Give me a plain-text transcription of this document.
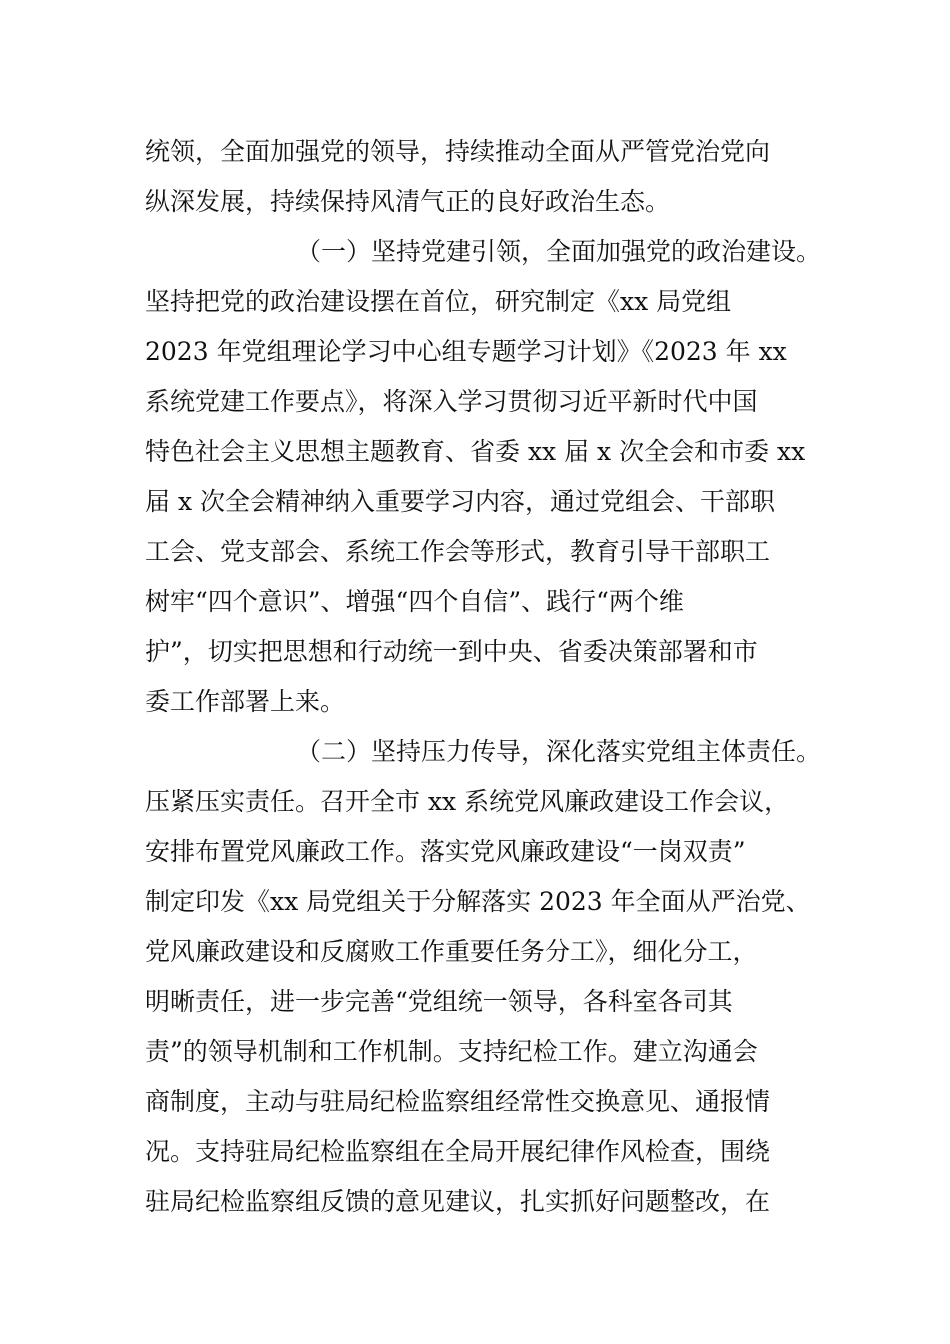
统领，全面加强党的领导，持续推动全面从严管党治党向
纵深发展，持续保持风清气正的良好政治生态。
（一）坚持党建引领，全面加强党的政治建设。
坚持把党的政治建设摆在首位，研究制定《xx 局党组
2023 年党组理论学习中心组专题学习计划》《2023 年 xx
系统党建工作要点》，将深入学习贯彻习近平新时代中国
特色社会主义思想主题教育、省委 xx 届 x 次全会和市委 xx
届 x 次全会精神纳入重要学习内容，通过党组会、干部职
工会、党支部会、系统工作会等形式，教育引导干部职工
树牢“四个意识”、增强“四个自信”、践行“两个维
护”，切实把思想和行动统一到中央、省委决策部署和市
委工作部署上来。
（二）坚持压力传导，深化落实党组主体责任。
压紧压实责任。召开全市 xx 系统党风廉政建设工作会议，
安排布置党风廉政工作。落实党风廉政建设“一岗双责”
制定印发《xx 局党组关于分解落实 2023 年全面从严治党、
党风廉政建设和反腐败工作重要任务分工》，细化分工，
明晰责任，进一步完善“党组统一领导，各科室各司其
责”的领导机制和工作机制。支持纪检工作。建立沟通会
商制度，主动与驻局纪检监察组经常性交换意见、通报情
况。支持驻局纪检监察组在全局开展纪律作风检查，围绕
驻局纪检监察组反馈的意见建议，扎实抓好问题整改，在
